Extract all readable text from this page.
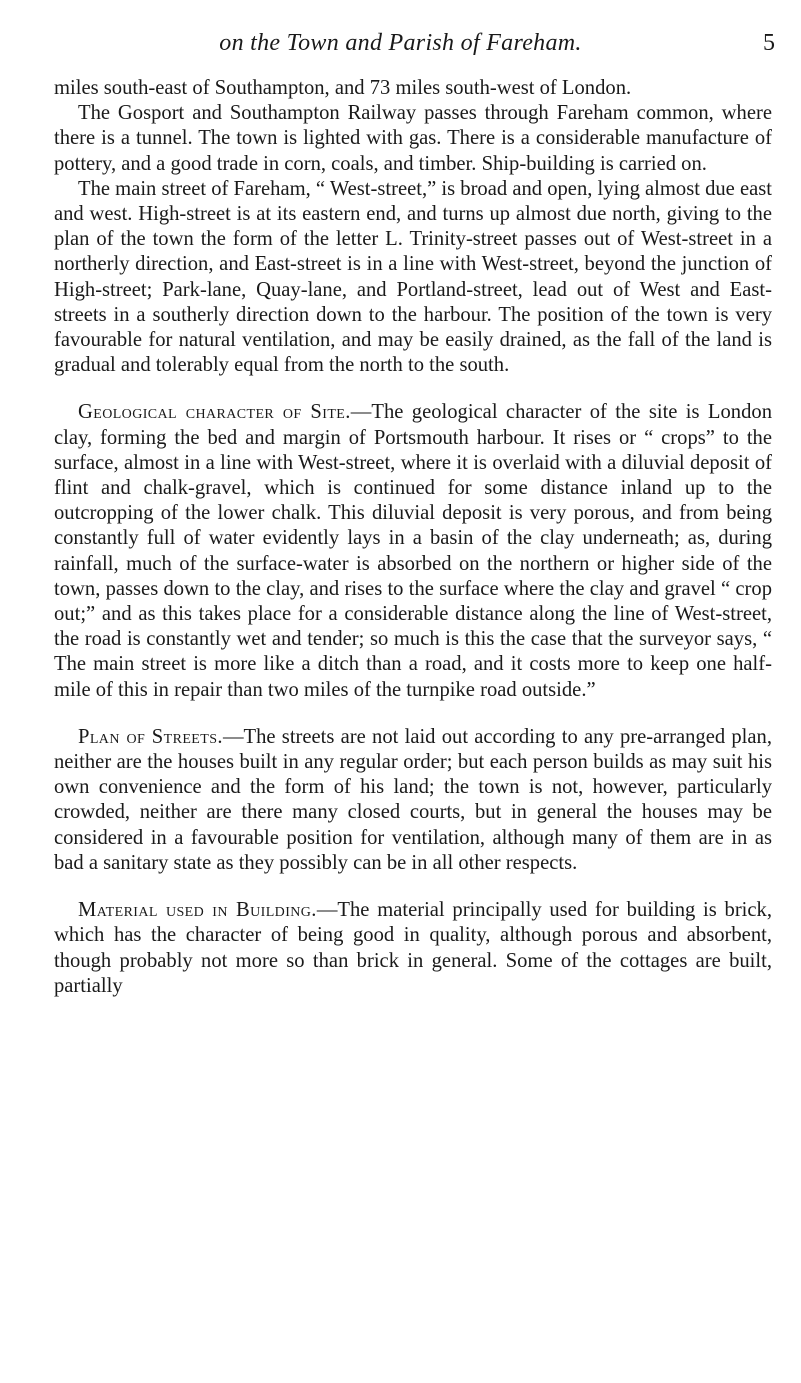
on the Town and Parish of Fareham.	5

miles south-east of Southampton, and 73 miles south-west of London.

The Gosport and Southampton Railway passes through Fareham common, where there is a tunnel. The town is lighted with gas. There is a considerable manufacture of pottery, and a good trade in corn, coals, and timber. Ship-building is carried on.

The main street of Fareham, “ West-street,” is broad and open, lying almost due east and west. High-street is at its eastern end, and turns up almost due north, giving to the plan of the town the form of the letter L. Trinity-street passes out of West-street in a northerly direction, and East-street is in a line with West-street, beyond the junction of High-street; Park-lane, Quay-lane, and Portland-street, lead out of West and East-streets in a southerly direction down to the harbour. The position of the town is very favourable for natural ventilation, and may be easily drained, as the fall of the land is gradual and tolerably equal from the north to the south.

Geological character of Site.—The geological character of the site is London clay, forming the bed and margin of Portsmouth harbour. It rises or “ crops” to the surface, almost in a line with West-street, where it is overlaid with a diluvial deposit of flint and chalk-gravel, which is continued for some distance inland up to the outcropping of the lower chalk. This diluvial deposit is very porous, and from being constantly full of water evidently lays in a basin of the clay underneath; as, during rainfall, much of the surface-water is absorbed on the northern or higher side of the town, passes down to the clay, and rises to the surface where the clay and gravel “ crop out;” and as this takes place for a considerable distance along the line of West-street, the road is constantly wet and tender; so much is this the case that the surveyor says, “ The main street is more like a ditch than a road, and it costs more to keep one half-mile of this in repair than two miles of the turnpike road outside.”

Plan of Streets.—The streets are not laid out according to any pre-arranged plan, neither are the houses built in any regular order; but each person builds as may suit his own convenience and the form of his land; the town is not, however, particularly crowded, neither are there many closed courts, but in general the houses may be considered in a favourable position for ventilation, although many of them are in as bad a sanitary state as they possibly can be in all other respects.

Material used in Building.—The material principally used for building is brick, which has the character of being good in quality, although porous and absorbent, though probably not more so than brick in general. Some of the cottages are built, partially
